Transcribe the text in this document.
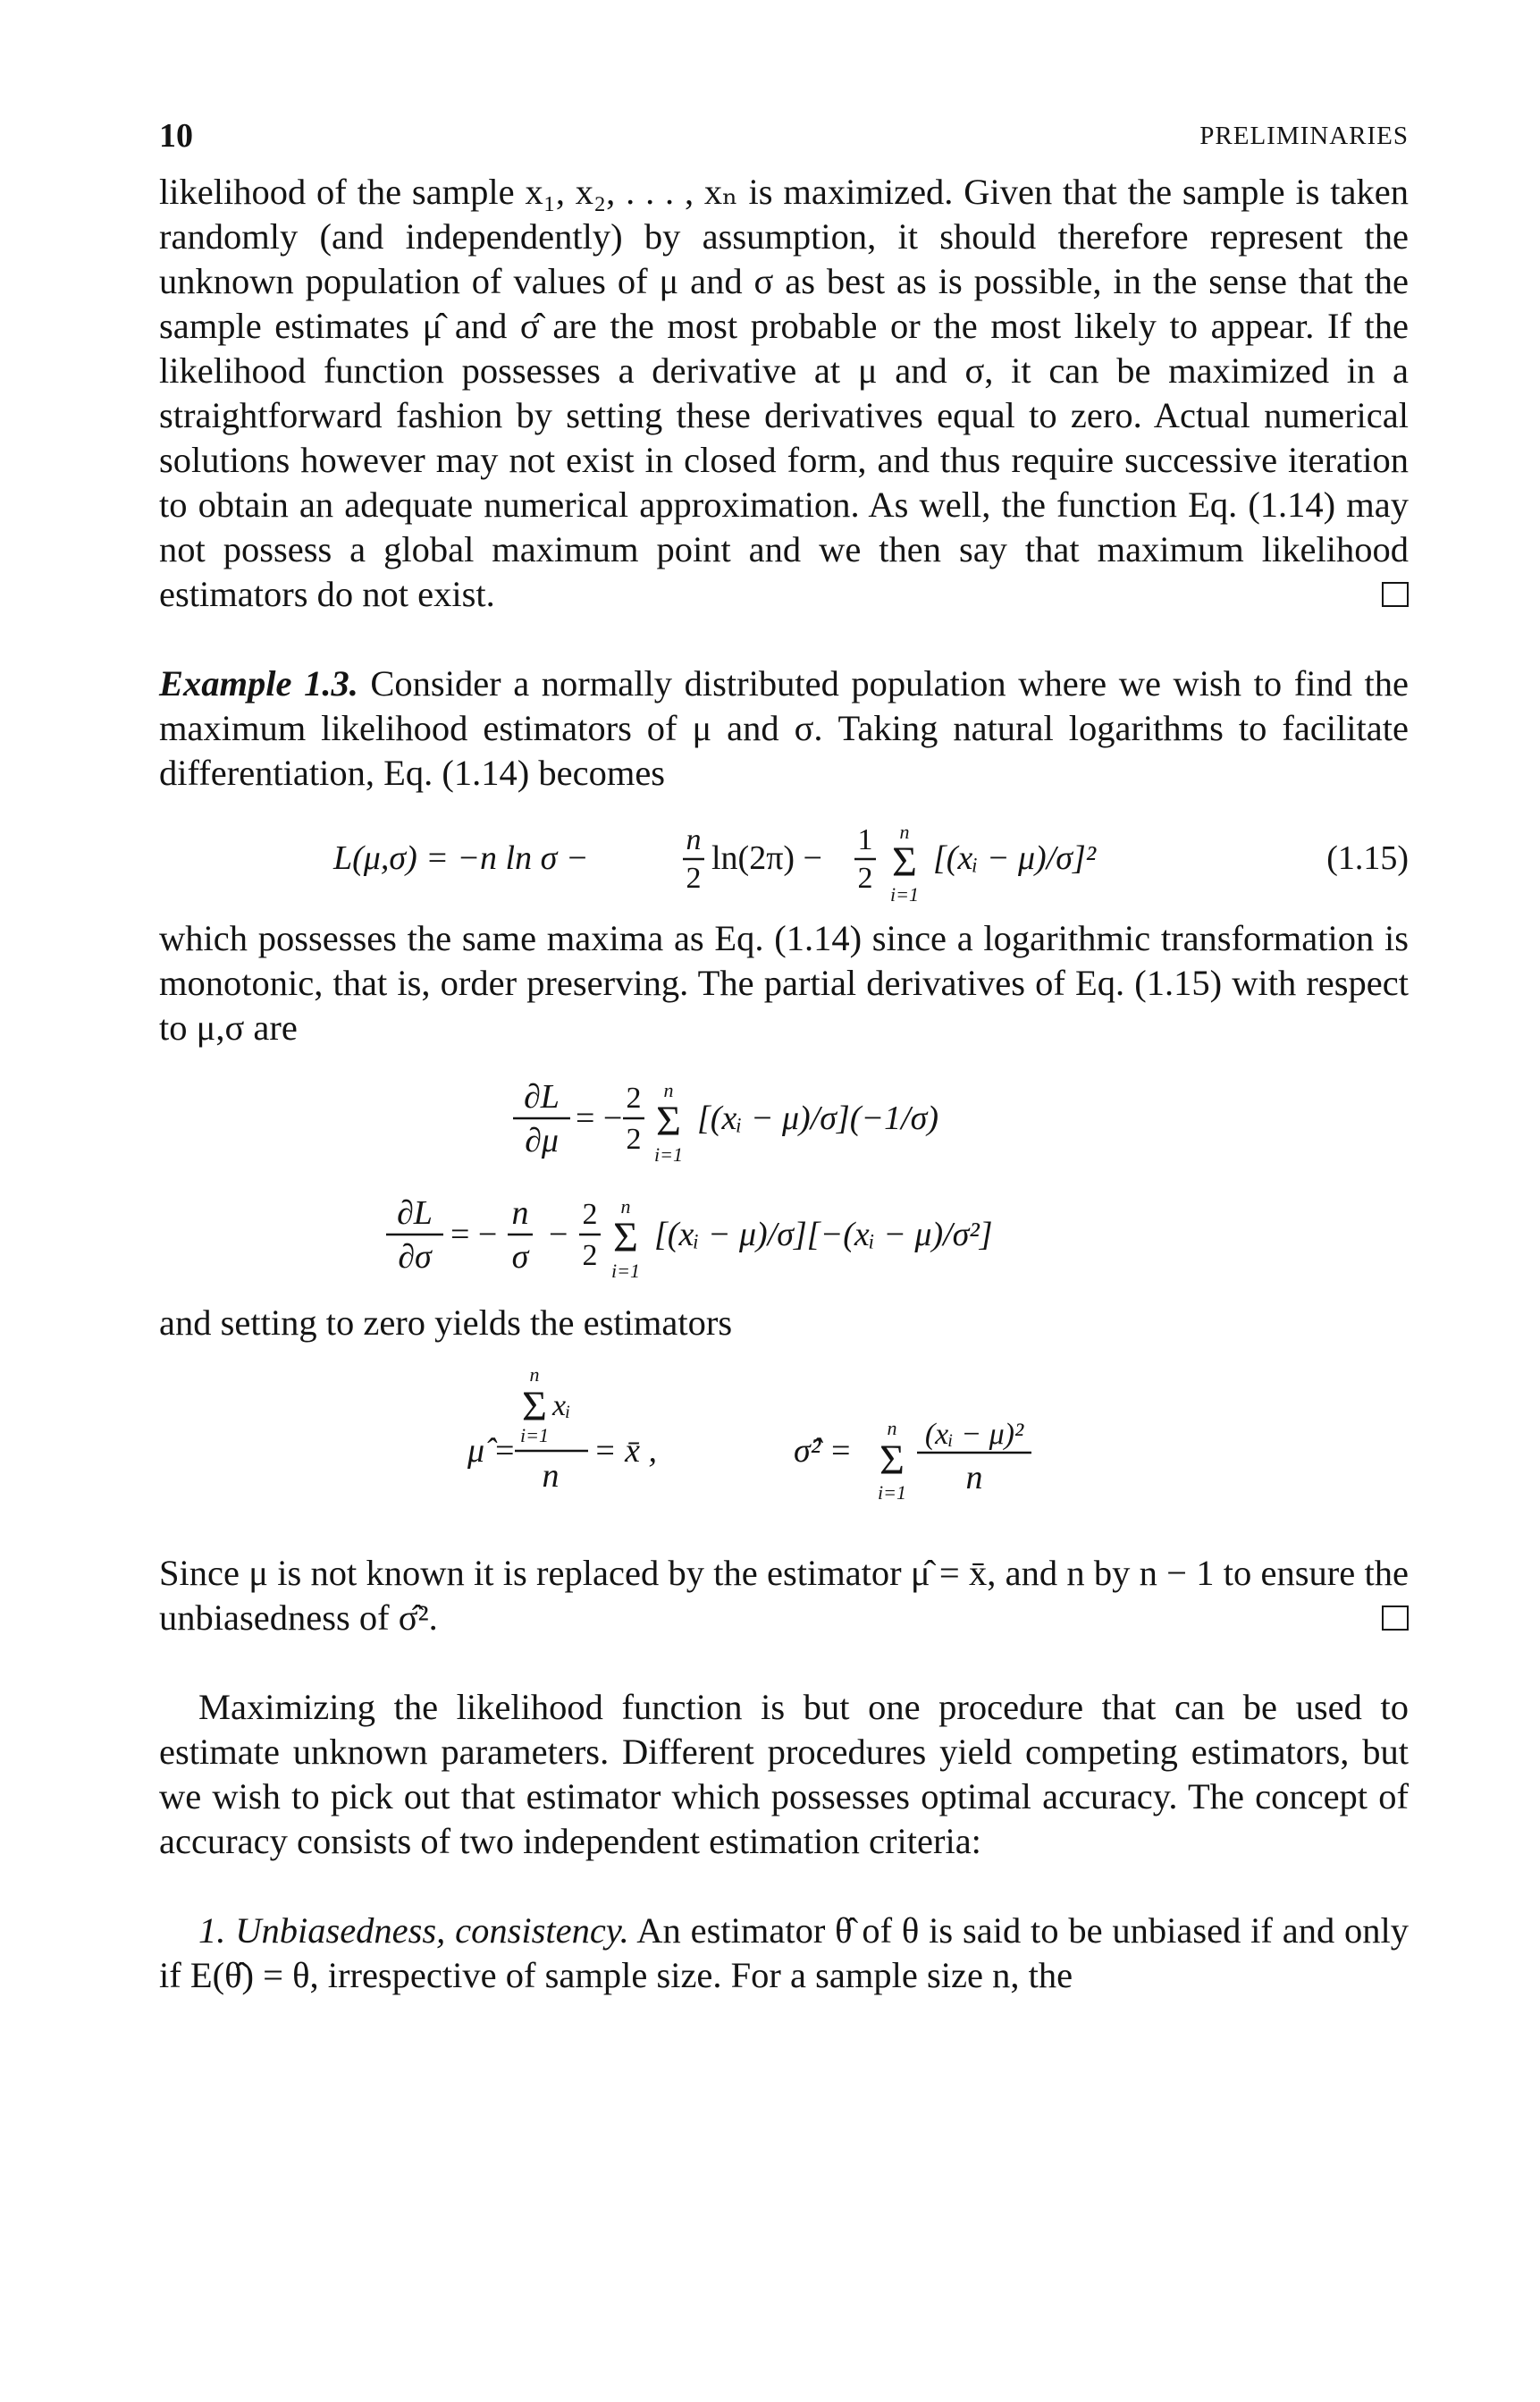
10	PRELIMINARIES

likelihood of the sample x₁, x₂, . . . , xₙ is maximized. Given that the sample is taken randomly (and independently) by assumption, it should therefore represent the unknown population of values of μ and σ as best as is possible, in the sense that the sample estimates μ̂ and σ̂ are the most probable or the most likely to appear. If the likelihood function possesses a derivative at μ and σ, it can be maximized in a straightforward fashion by setting these derivatives equal to zero. Actual numerical solutions however may not exist in closed form, and thus require successive iteration to obtain an adequate numerical approximation. As well, the function Eq. (1.14) may not possess a global maximum point and we then say that maximum likelihood estimators do not exist.

Example 1.3. Consider a normally distributed population where we wish to find the maximum likelihood estimators of μ and σ. Taking natural logarithms to facilitate differentiation, Eq. (1.14) becomes

L(μ,σ) = −n ln σ −	n
2
ln(2π) − 1
2
n
Σ
i=1
[(xᵢ − μ)/σ]²	(1.15)

which possesses the same maxima as Eq. (1.14) since a logarithmic transformation is monotonic, that is, order preserving. The partial derivatives of Eq. (1.15) with respect to μ,σ are

∂L
∂μ
= −
2
2
n
Σ
i=1
[(xᵢ − μ)/σ](−1/σ)
∂L
∂σ
= −
n
σ
−
2
2
n
Σ
i=1
[(xᵢ − μ)/σ][−(xᵢ − μ)/σ²]

and setting to zero yields the estimators

μ̂ =
n
Σ xᵢ
i=1
n
= x̄ ,	σ̂² =
n
Σ
i=1
(xᵢ − μ)²
n

Since μ is not known it is replaced by the estimator μ̂ = x̄, and n by n − 1 to ensure the unbiasedness of σ̂².

Maximizing the likelihood function is but one procedure that can be used to estimate unknown parameters. Different procedures yield competing estimators, but we wish to pick out that estimator which possesses optimal accuracy. The concept of accuracy consists of two independent estimation criteria:

1. Unbiasedness, consistency. An estimator θ̂ of θ is said to be unbiased if and only if E(θ̂) = θ, irrespective of sample size. For a sample size n, the
